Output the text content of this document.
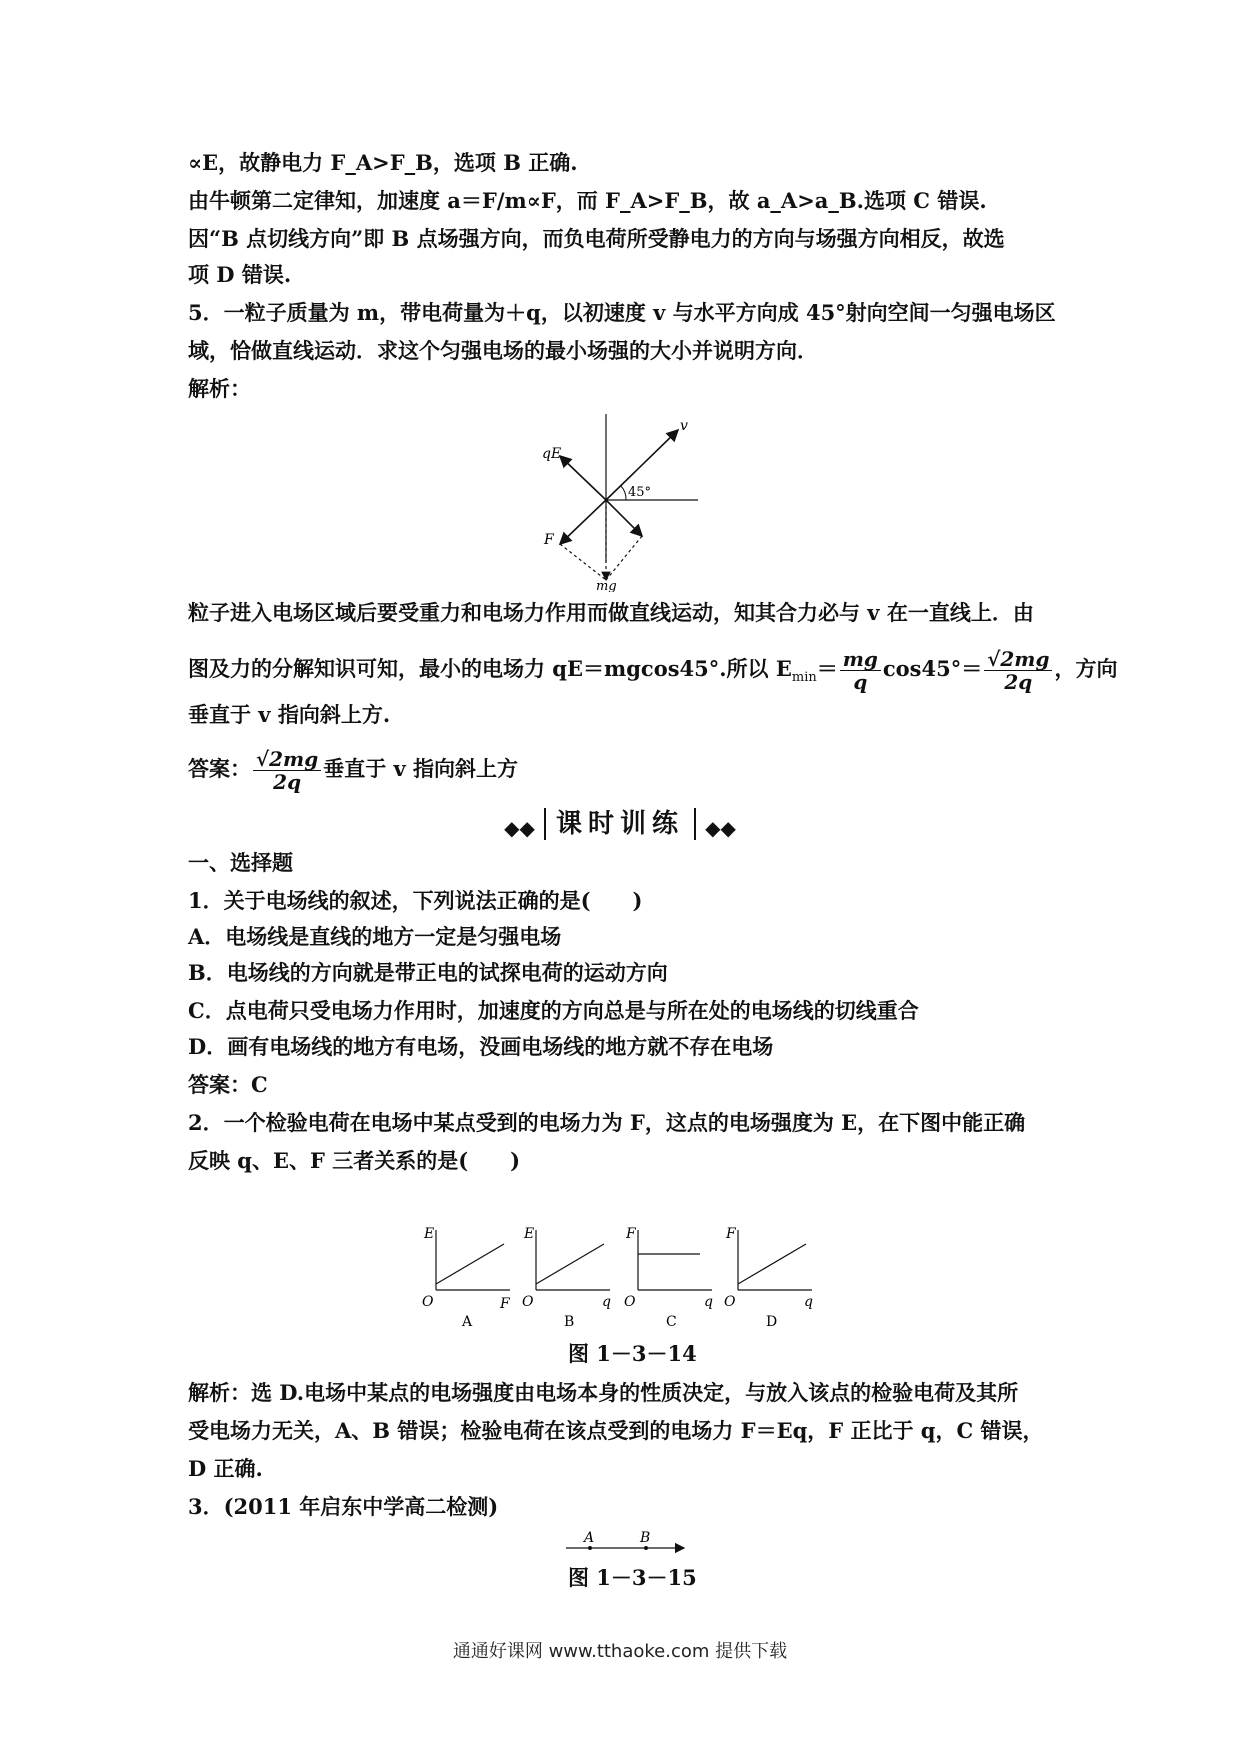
∝E，故静电力 F_A>F_B，选项 B 正确.
由牛顿第二定律知，加速度 a＝F/m∝F，而 F_A>F_B，故 a_A>a_B.选项 C 错误.
因“B 点切线方向”即 B 点场强方向，而负电荷所受静电力的方向与场强方向相反，故选
项 D 错误.
5．一粒子质量为 m，带电荷量为＋q，以初速度 v 与水平方向成 45°射向空间一匀强电场区
域，恰做直线运动．求这个匀强电场的最小场强的大小并说明方向．
解析：
qE
v
45°
F
mg
粒子进入电场区域后要受重力和电场力作用而做直线运动，知其合力必与 v 在一直线上．由
图及力的分解知识可知，最小的电场力 qE＝mgcos45°.所以 $E_{min}= \frac{mg}{q} \cos 45^\circ= \frac{√2mg}{2q}$ ，方向
垂直于 v 指向斜上方.
答案： $\frac{√2mg}{2q}$ 垂直于 v 指向斜上方
◆◆ 课时训练 ◆◆
一、选择题
1．关于电场线的叙述，下列说法正确的是(　　)
A．电场线是直线的地方一定是匀强电场
B．电场线的方向就是带正电的试探电荷的运动方向
C．点电荷只受电场力作用时，加速度的方向总是与所在处的电场线的切线重合
D．画有电场线的地方有电场，没画电场线的地方就不存在电场
答案：C
2．一个检验电荷在电场中某点受到的电场力为 F，这点的电场强度为 E，在下图中能正确
反映 q、E、F 三者关系的是(　　)
E
O	F
A
E
O	q
B
F
O	q
C
F
O	q
D
图 1－3－14
解析：选 D.电场中某点的电场强度由电场本身的性质决定，与放入该点的检验电荷及其所
受电场力无关，A、B 错误；检验电荷在该点受到的电场力 F＝Eq，F 正比于 q，C 错误，
D 正确.
3．(2011 年启东中学高二检测)
A	B
图 1－3－15
通通好课网 www.tthaoke.com 提供下载
